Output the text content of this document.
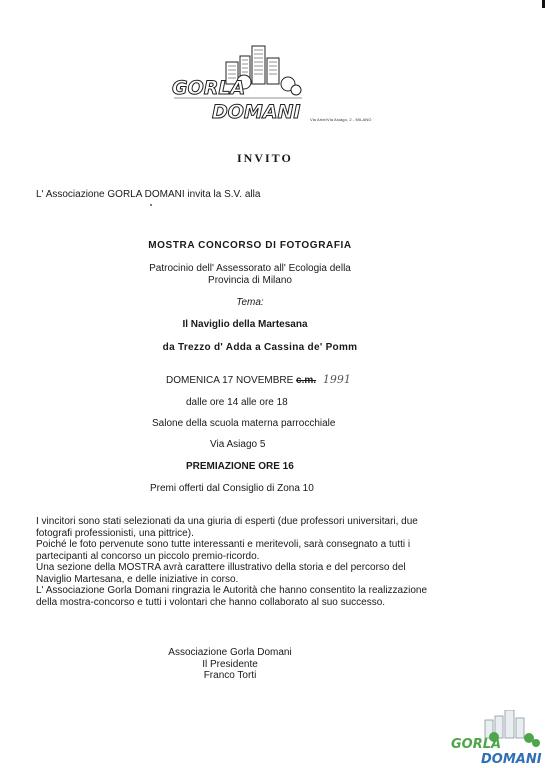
GORLA
DOMANI Via Arbe/Via Asiago, 2 - MILANO
INVITO
L' Associazione GORLA DOMANI invita la S.V. alla
MOSTRA CONCORSO DI FOTOGRAFIA
Patrocinio dell' Assessorato all' Ecologia della
Provincia di Milano
Tema:
Il Naviglio della Martesana
da Trezzo d' Adda a Cassina de' Pomm
DOMENICA 17 NOVEMBRE c.m. 1991
dalle ore 14 alle ore 18
Salone della scuola materna parrocchiale
Via Asiago 5
PREMIAZIONE ORE 16
Premi offerti dal Consiglio di Zona 10
I vincitori sono stati selezionati da una giuria di esperti (due professori universitari, due
fotografi professionisti, una pittrice).
Poiché le foto pervenute sono tutte interessanti e meritevoli, sarà consegnato a tutti i
partecipanti al concorso un piccolo premio-ricordo.
Una sezione della MOSTRA avrà carattere illustrativo della storia e del percorso del
Naviglio Martesana, e delle iniziative in corso.
L' Associazione Gorla Domani ringrazia le Autorità che hanno consentito la realizzazione
della mostra-concorso e tutti i volontari che hanno collaborato al suo successo.
Associazione Gorla Domani
Il Presidente
Franco Torti
GORLA
DOMANI
